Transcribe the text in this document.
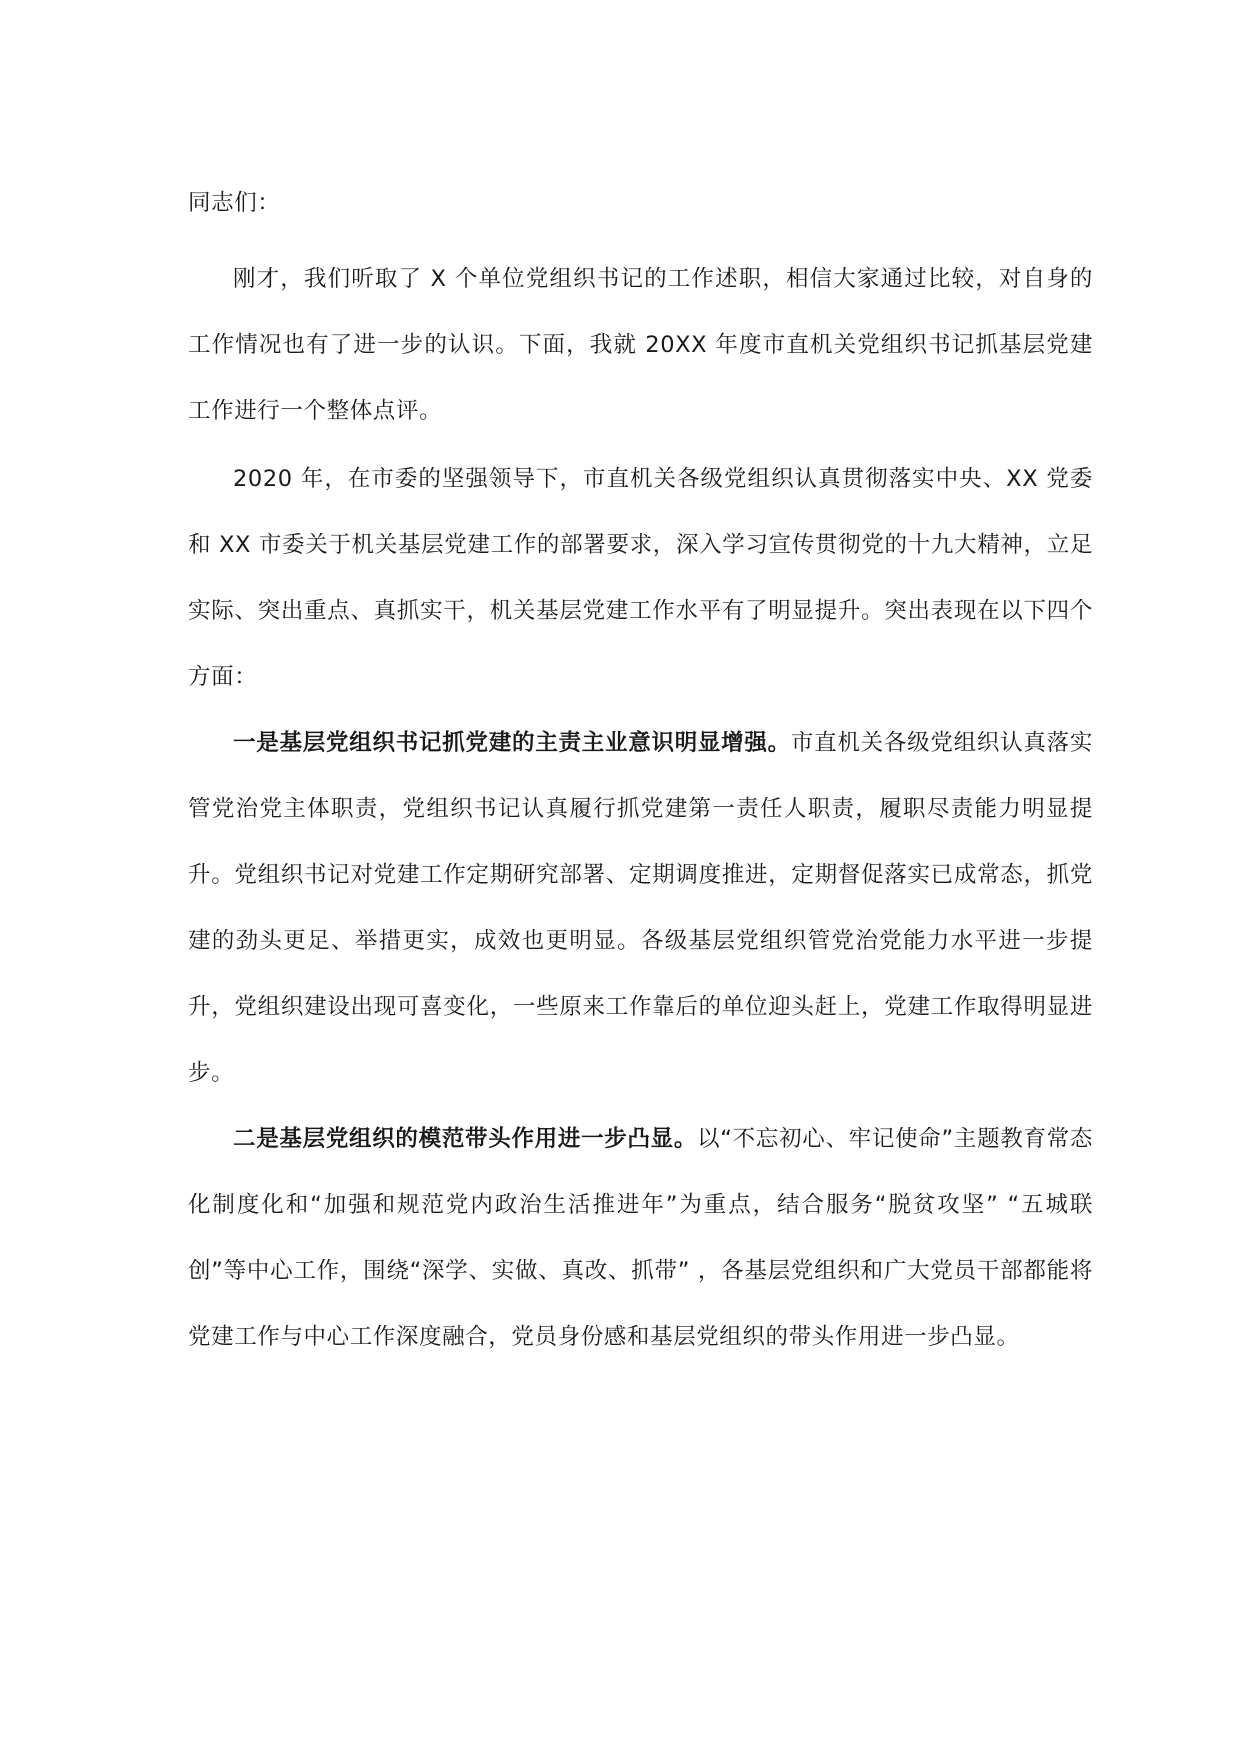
同志们：

刚才，我们听取了 X 个单位党组织书记的工作述职，相信大家通过比较，对自身的工作情况也有了进一步的认识。下面，我就 20XX 年度市直机关党组织书记抓基层党建工作进行一个整体点评。

2020 年，在市委的坚强领导下，市直机关各级党组织认真贯彻落实中央、XX 党委和 XX 市委关于机关基层党建工作的部署要求，深入学习宣传贯彻党的十九大精神，立足实际、突出重点、真抓实干，机关基层党建工作水平有了明显提升。突出表现在以下四个方面：

一是基层党组织书记抓党建的主责主业意识明显增强。市直机关各级党组织认真落实管党治党主体职责，党组织书记认真履行抓党建第一责任人职责，履职尽责能力明显提升。党组织书记对党建工作定期研究部署、定期调度推进，定期督促落实已成常态，抓党建的劲头更足、举措更实，成效也更明显。各级基层党组织管党治党能力水平进一步提升，党组织建设出现可喜变化，一些原来工作靠后的单位迎头赶上，党建工作取得明显进步。

二是基层党组织的模范带头作用进一步凸显。以“不忘初心、牢记使命”主题教育常态化制度化和“加强和规范党内政治生活推进年”为重点，结合服务“脱贫攻坚” “五城联创”等中心工作，围绕“深学、实做、真改、抓带” ，各基层党组织和广大党员干部都能将党建工作与中心工作深度融合，党员身份感和基层党组织的带头作用进一步凸显。
